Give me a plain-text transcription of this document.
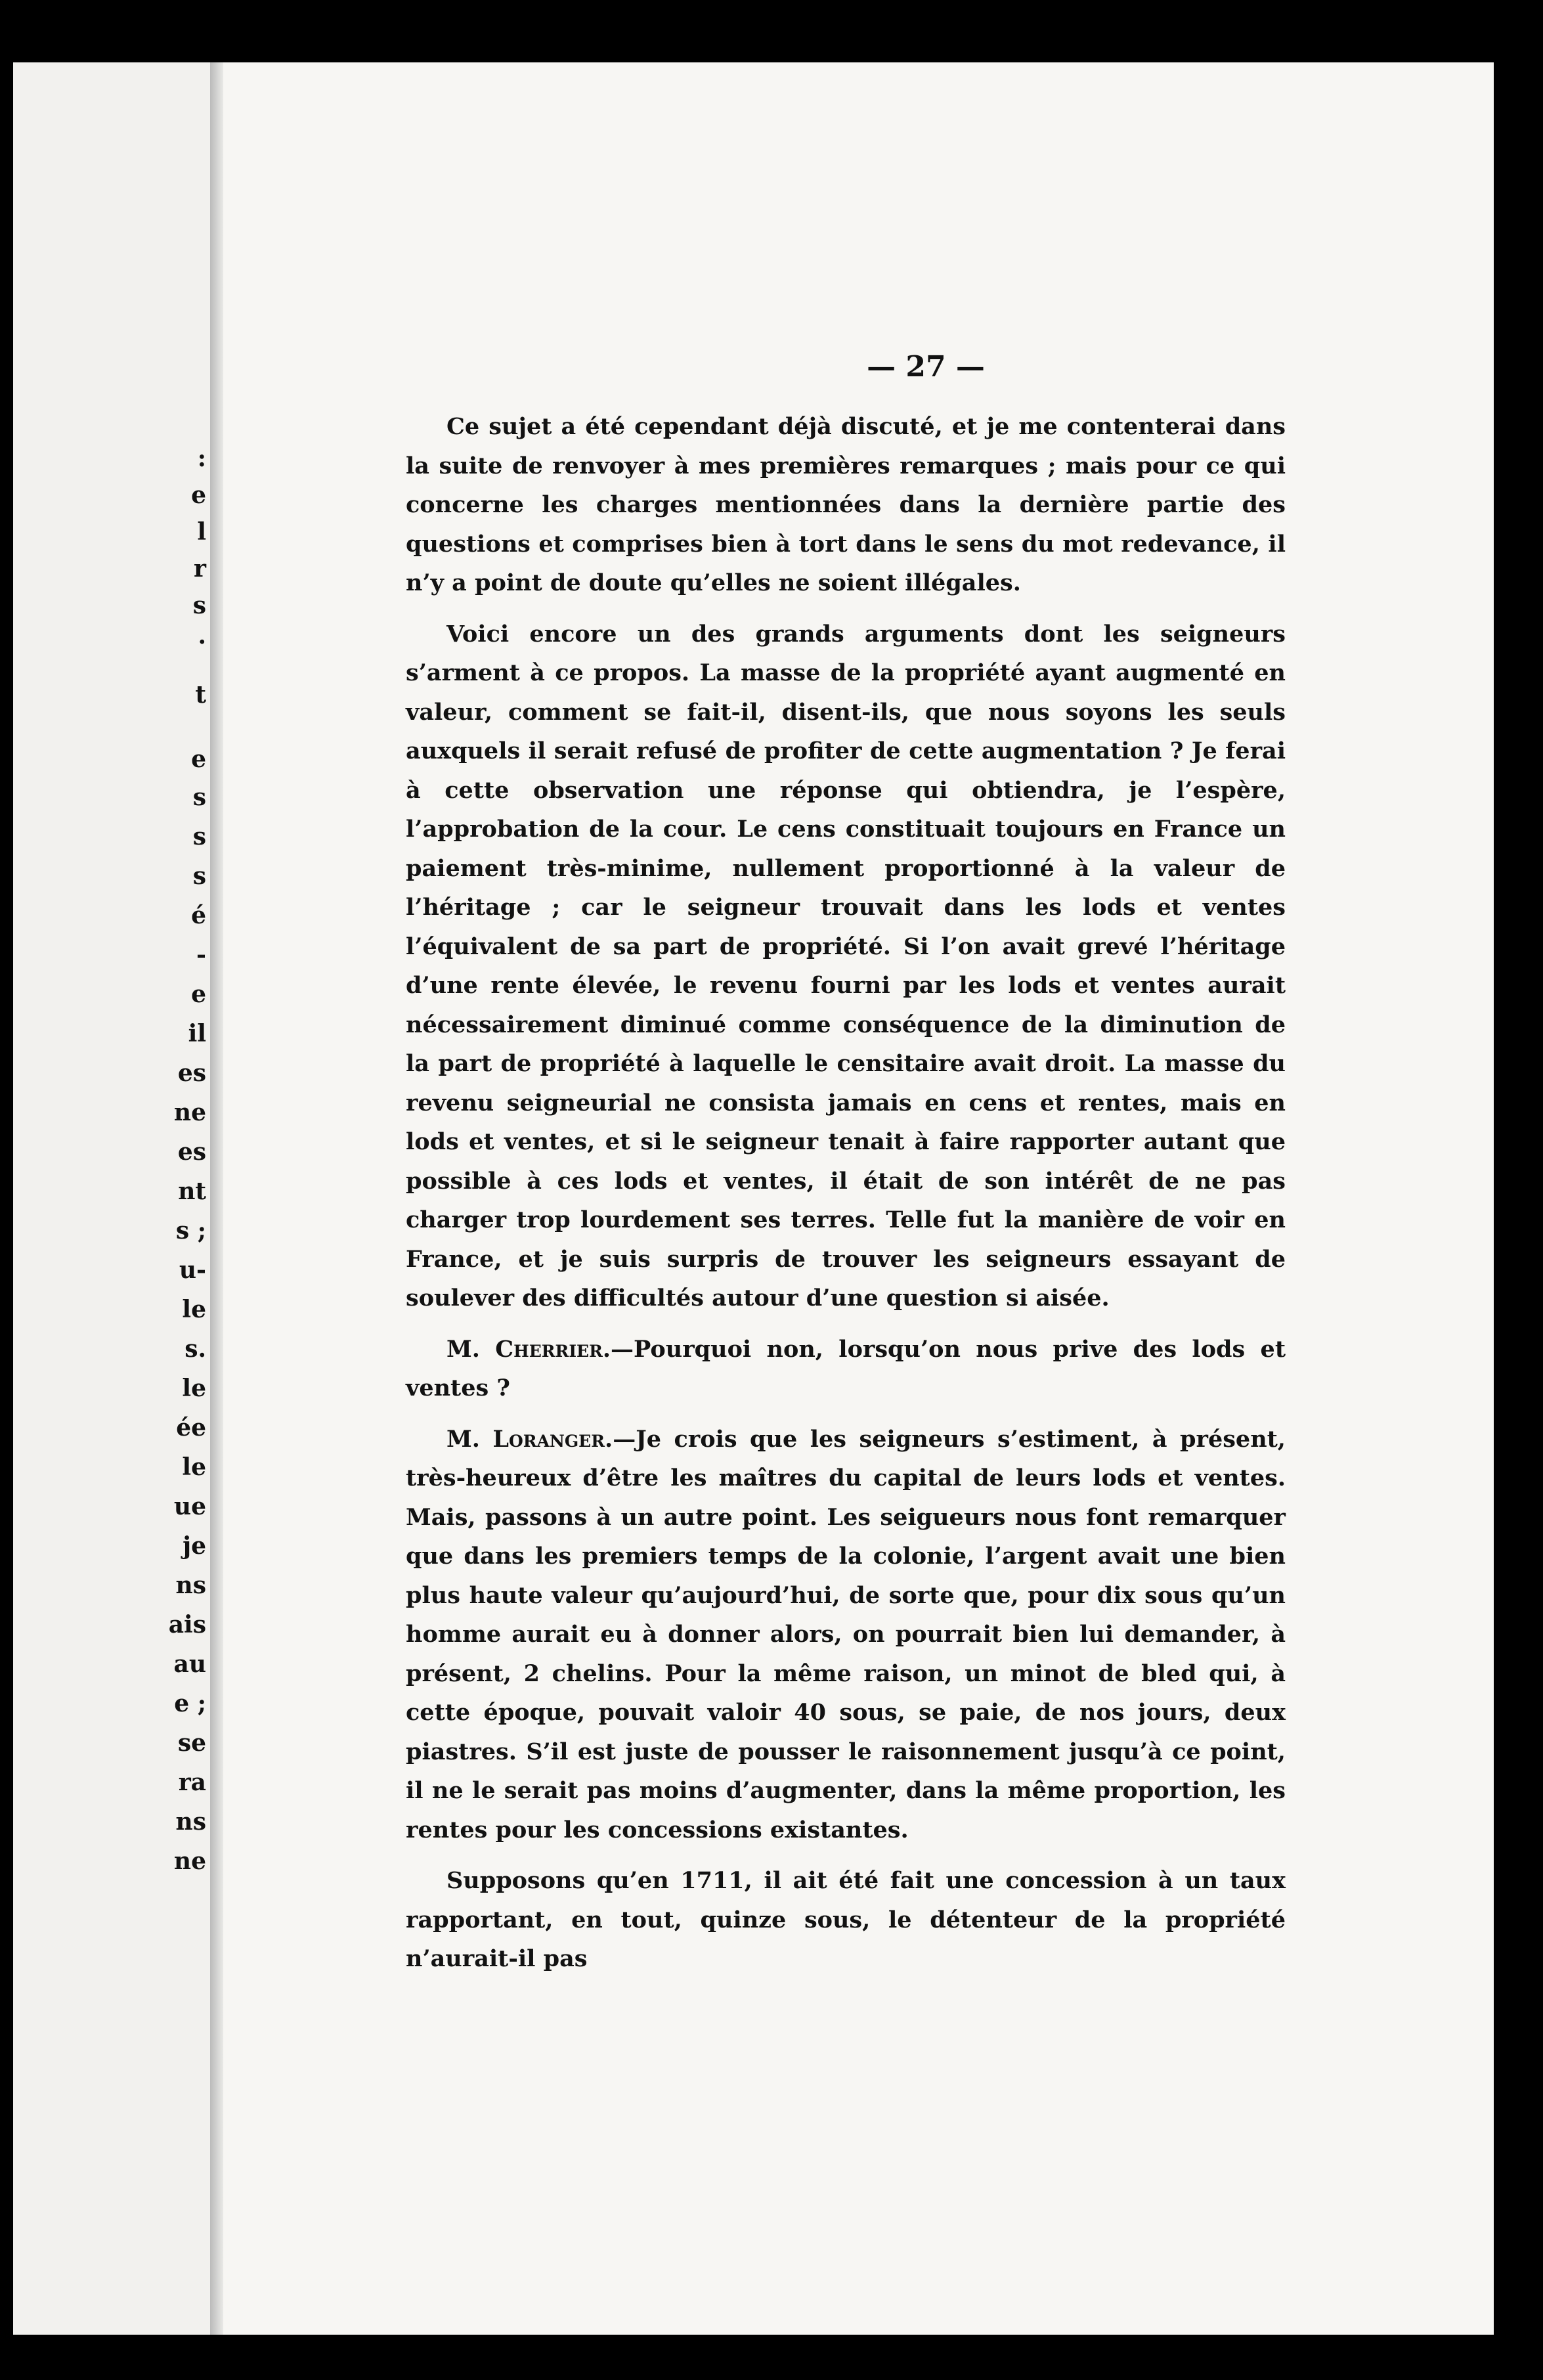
:
e
l
r
s
·
t
e
s
s
s
é
-
e
il
es
ne
es
nt
s ;
u-
le
s.
le
ée
le
ue
je
ns
ais
au
e ;
se
ra
ns
ne
— 27 —

Ce sujet a été cependant déjà discuté, et je me contenterai dans la suite de renvoyer à mes premières remarques ; mais pour ce qui concerne les charges mentionnées dans la dernière partie des questions et comprises bien à tort dans le sens du mot redevance, il n’y a point de doute qu’elles ne soient illégales.

Voici encore un des grands arguments dont les seigneurs s’arment à ce propos. La masse de la propriété ayant augmenté en valeur, comment se fait-il, disent-ils, que nous soyons les seuls auxquels il serait refusé de profiter de cette augmentation ? Je ferai à cette observation une réponse qui obtiendra, je l’espère, l’approbation de la cour. Le cens constituait toujours en France un paiement très-minime, nullement proportionné à la valeur de l’héritage ; car le seigneur trouvait dans les lods et ventes l’équivalent de sa part de propriété. Si l’on avait grevé l’héritage d’une rente élevée, le revenu fourni par les lods et ventes aurait nécessairement diminué comme conséquence de la diminution de la part de propriété à laquelle le censitaire avait droit. La masse du revenu seigneurial ne consista jamais en cens et rentes, mais en lods et ventes, et si le seigneur tenait à faire rapporter autant que possible à ces lods et ventes, il était de son intérêt de ne pas charger trop lourdement ses terres. Telle fut la manière de voir en France, et je suis surpris de trouver les seigneurs essayant de soulever des difficultés autour d’une question si aisée.

M. Cherrier.—Pourquoi non, lorsqu’on nous prive des lods et ventes ?

M. Loranger.—Je crois que les seigneurs s’estiment, à présent, très-heureux d’être les maîtres du capital de leurs lods et ventes. Mais, passons à un autre point. Les seigueurs nous font remarquer que dans les premiers temps de la colonie, l’argent avait une bien plus haute valeur qu’aujourd’hui, de sorte que, pour dix sous qu’un homme aurait eu à donner alors, on pourrait bien lui demander, à présent, 2 chelins. Pour la même raison, un minot de bled qui, à cette époque, pouvait valoir 40 sous, se paie, de nos jours, deux piastres. S’il est juste de pousser le raisonnement jusqu’à ce point, il ne le serait pas moins d’augmenter, dans la même proportion, les rentes pour les concessions existantes.

Supposons qu’en 1711, il ait été fait une concession à un taux rapportant, en tout, quinze sous, le détenteur de la propriété n’aurait-il pas
